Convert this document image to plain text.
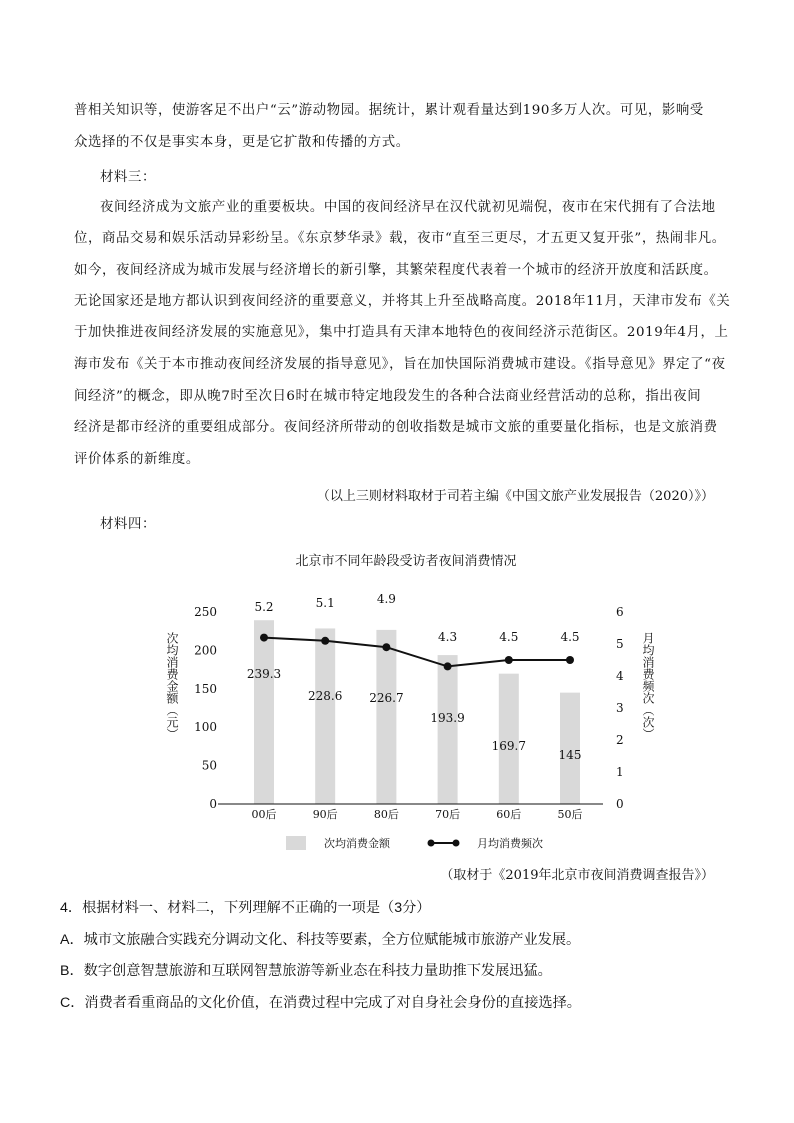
普相关知识等，使游客足不出户“云”游动物园。据统计，累计观看量达到190多万人次。可见，影响受
众选择的不仅是事实本身，更是它扩散和传播的方式。
材料三：
夜间经济成为文旅产业的重要板块。中国的夜间经济早在汉代就初见端倪，夜市在宋代拥有了合法地
位，商品交易和娱乐活动异彩纷呈。《东京梦华录》载，夜市“直至三更尽，才五更又复开张”，热闹非凡。
如今，夜间经济成为城市发展与经济增长的新引擎，其繁荣程度代表着一个城市的经济开放度和活跃度。
无论国家还是地方都认识到夜间经济的重要意义，并将其上升至战略高度。2018年11月，天津市发布《关
于加快推进夜间经济发展的实施意见》，集中打造具有天津本地特色的夜间经济示范街区。2019年4月，上
海市发布《关于本市推动夜间经济发展的指导意见》，旨在加快国际消费城市建设。《指导意见》界定了“夜
间经济”的概念，即从晚7时至次日6时在城市特定地段发生的各种合法商业经营活动的总称，指出夜间
经济是都市经济的重要组成部分。夜间经济所带动的创收指数是城市文旅的重要量化指标，也是文旅消费
评价体系的新维度。
（以上三则材料取材于司若主编《中国文旅产业发展报告（2020）》）
材料四：
北京市不同年龄段受访者夜间消费情况
239.3
228.6 226.7
193.9
169.7
145
0
50
100
150
200
250
0
1
2
3
4
5
6
00后	90后	80后	70后	60后	50后
5.2	5.1	4.9
4.3	4.5	4.5
次均消费金额（元）	月均消费频次（次）
次均消费金额	月均消费频次
（取材于《2019年北京市夜间消费调查报告》）
4．根据材料一、材料二，下列理解不正确的一项是（3分）
A．城市文旅融合实践充分调动文化、科技等要素，全方位赋能城市旅游产业发展。
B．数字创意智慧旅游和互联网智慧旅游等新业态在科技力量助推下发展迅猛。
C．消费者看重商品的文化价值，在消费过程中完成了对自身社会身份的直接选择。
